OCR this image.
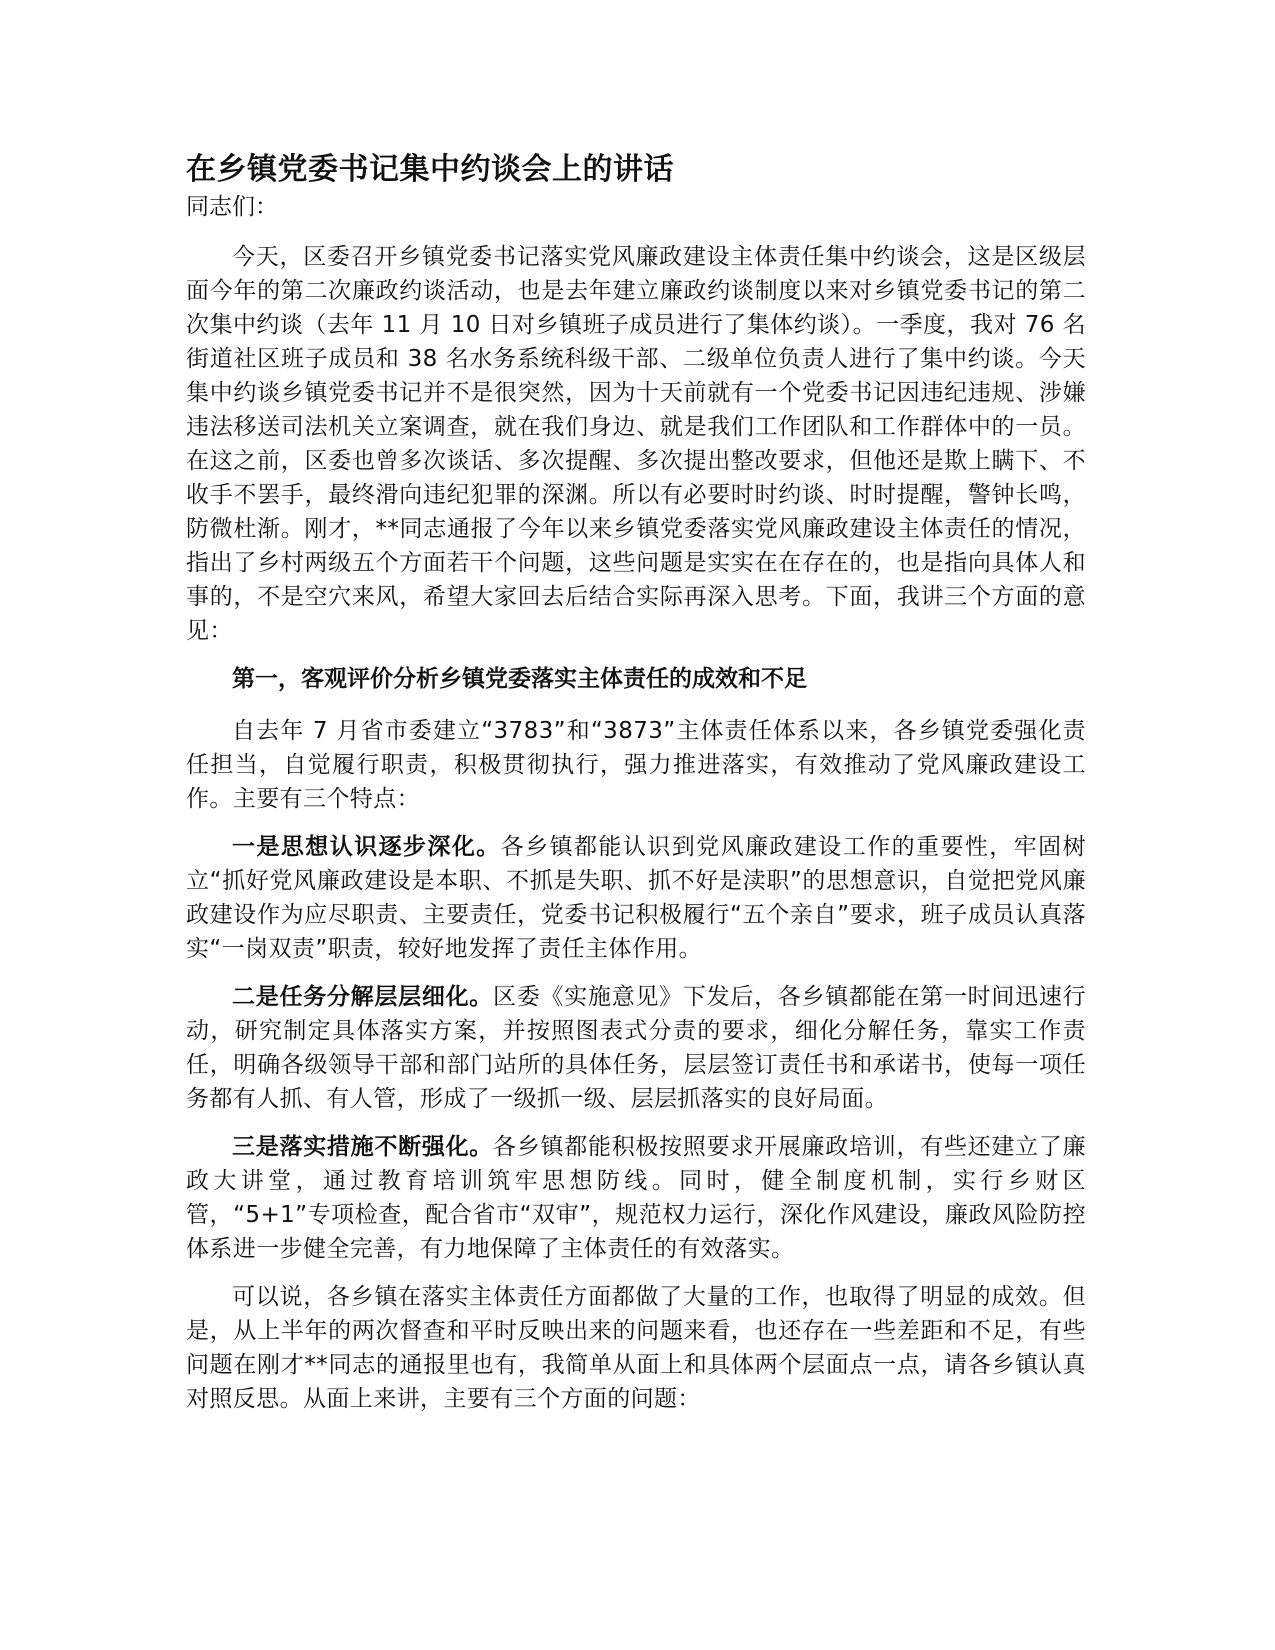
在乡镇党委书记集中约谈会上的讲话
同志们：

今天，区委召开乡镇党委书记落实党风廉政建设主体责任集中约谈会，这是区级层面今年的第二次廉政约谈活动，也是去年建立廉政约谈制度以来对乡镇党委书记的第二次集中约谈（去年 11 月 10 日对乡镇班子成员进行了集体约谈）。一季度，我对 76 名街道社区班子成员和 38 名水务系统科级干部、二级单位负责人进行了集中约谈。今天集中约谈乡镇党委书记并不是很突然，因为十天前就有一个党委书记因违纪违规、涉嫌违法移送司法机关立案调查，就在我们身边、就是我们工作团队和工作群体中的一员。在这之前，区委也曾多次谈话、多次提醒、多次提出整改要求，但他还是欺上瞒下、不收手不罢手，最终滑向违纪犯罪的深渊。所以有必要时时约谈、时时提醒，警钟长鸣，防微杜渐。刚才，**同志通报了今年以来乡镇党委落实党风廉政建设主体责任的情况，指出了乡村两级五个方面若干个问题，这些问题是实实在在存在的，也是指向具体人和事的，不是空穴来风，希望大家回去后结合实际再深入思考。下面，我讲三个方面的意见：

第一，客观评价分析乡镇党委落实主体责任的成效和不足

自去年 7 月省市委建立“3783”和“3873”主体责任体系以来，各乡镇党委强化责任担当，自觉履行职责，积极贯彻执行，强力推进落实，有效推动了党风廉政建设工作。主要有三个特点：

一是思想认识逐步深化。各乡镇都能认识到党风廉政建设工作的重要性，牢固树立“抓好党风廉政建设是本职、不抓是失职、抓不好是渎职”的思想意识，自觉把党风廉政建设作为应尽职责、主要责任，党委书记积极履行“五个亲自”要求，班子成员认真落实“一岗双责”职责，较好地发挥了责任主体作用。

二是任务分解层层细化。区委《实施意见》下发后，各乡镇都能在第一时间迅速行动，研究制定具体落实方案，并按照图表式分责的要求，细化分解任务，靠实工作责任，明确各级领导干部和部门站所的具体任务，层层签订责任书和承诺书，使每一项任务都有人抓、有人管，形成了一级抓一级、层层抓落实的良好局面。

三是落实措施不断强化。各乡镇都能积极按照要求开展廉政培训，有些还建立了廉政大讲堂，通过教育培训筑牢思想防线。同时，健全制度机制，实行乡财区管，“5+1”专项检查，配合省市“双审”，规范权力运行，深化作风建设，廉政风险防控体系进一步健全完善，有力地保障了主体责任的有效落实。

可以说，各乡镇在落实主体责任方面都做了大量的工作，也取得了明显的成效。但是，从上半年的两次督查和平时反映出来的问题来看，也还存在一些差距和不足，有些问题在刚才**同志的通报里也有，我简单从面上和具体两个层面点一点，请各乡镇认真对照反思。从面上来讲，主要有三个方面的问题：
